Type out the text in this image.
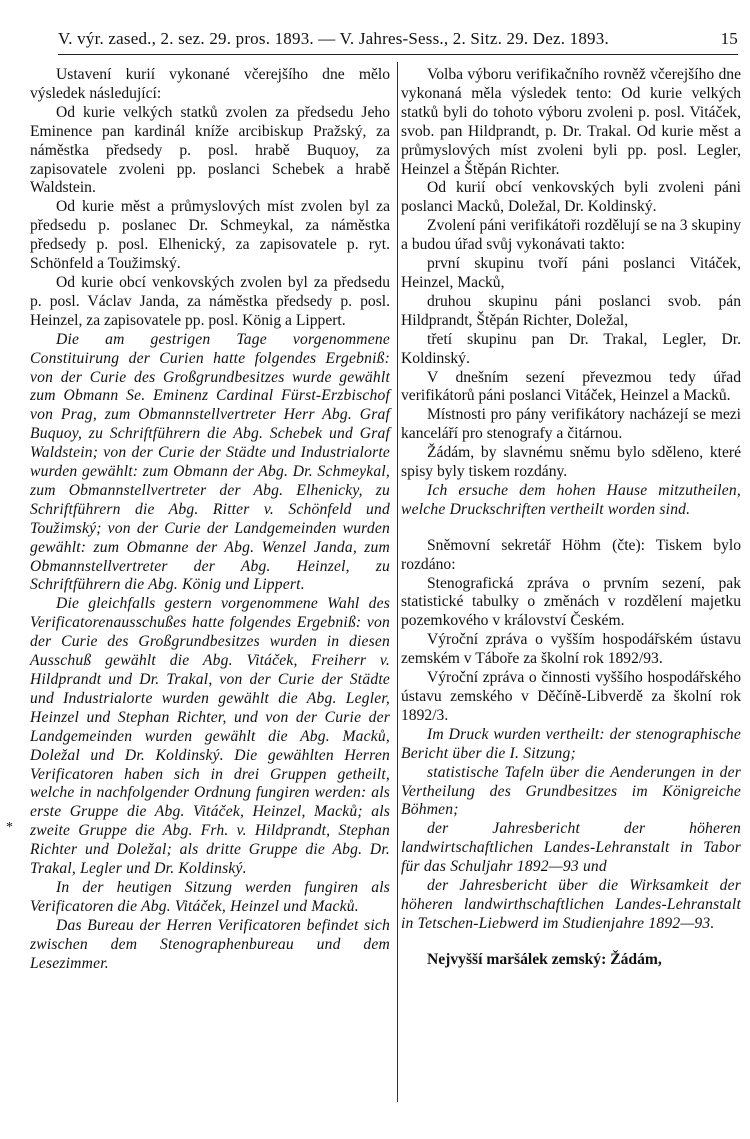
V. výr. zased., 2. sez. 29. pros. 1893. — V. Jahres-Sess., 2. Sitz. 29. Dez. 1893.	15
*

Ustavení kurií vykonané včerejšího dne mělo výsledek následující:

Od kurie velkých statků zvolen za předsedu Jeho Eminence pan kardinál kníže arcibiskup Pražský, za náměstka předsedy p. posl. hrabě Buquoy, za zapisovatele zvoleni pp. poslanci Schebek a hrabě Waldstein.

Od kurie měst a průmyslových míst zvolen byl za předsedu p. poslanec Dr. Schmeykal, za náměstka předsedy p. posl. Elhenický, za zapisovatele p. ryt. Schönfeld a Toužimský.

Od kurie obcí venkovských zvolen byl za předsedu p. posl. Václav Janda, za náměstka předsedy p. posl. Heinzel, za zapisovatele pp. posl. König a Lippert.

Die am gestrigen Tage vorgenommene Constituirung der Curien hatte folgendes Ergebniß: von der Curie des Großgrundbesitzes wurde gewählt zum Obmann Se. Eminenz Cardinal Fürst-Erzbischof von Prag, zum Obmannstellvertreter Herr Abg. Graf Buquoy, zu Schriftführern die Abg. Schebek und Graf Waldstein; von der Curie der Städte und Industrialorte wurden gewählt: zum Obmann der Abg. Dr. Schmeykal, zum Obmannstellvertreter der Abg. Elhenicky, zu Schriftführern die Abg. Ritter v. Schönfeld und Toužimský; von der Curie der Landgemeinden wurden gewählt: zum Obmanne der Abg. Wenzel Janda, zum Obmannstellvertreter der Abg. Heinzel, zu Schriftführern die Abg. König und Lippert.

Die gleichfalls gestern vorgenommene Wahl des Verificatorenausschußes hatte folgendes Ergebniß: von der Curie des Großgrundbesitzes wurden in diesen Ausschuß gewählt die Abg. Vitáček, Freiherr v. Hildprandt und Dr. Trakal, von der Curie der Städte und Industrialorte wurden gewählt die Abg. Legler, Heinzel und Stephan Richter, und von der Curie der Landgemeinden wurden gewählt die Abg. Macků, Doležal und Dr. Koldinský. Die gewählten Herren Verificatoren haben sich in drei Gruppen getheilt, welche in nachfolgender Ordnung fungiren werden: als erste Gruppe die Abg. Vitáček, Heinzel, Macků; als zweite Gruppe die Abg. Frh. v. Hildprandt, Stephan Richter und Doležal; als dritte Gruppe die Abg. Dr. Trakal, Legler und Dr. Koldinský.

In der heutigen Sitzung werden fungiren als Verificatoren die Abg. Vitáček, Heinzel und Macků.

Das Bureau der Herren Verificatoren befindet sich zwischen dem Stenographenbureau und dem Lesezimmer.

Volba výboru verifikačního rovněž včerejšího dne vykonaná měla výsledek tento: Od kurie velkých statků byli do tohoto výboru zvoleni p. posl. Vitáček, svob. pan Hildprandt, p. Dr. Trakal. Od kurie měst a průmyslových míst zvoleni byli pp. posl. Legler, Heinzel a Štěpán Richter.

Od kurií obcí venkovských byli zvoleni páni poslanci Macků, Doležal, Dr. Koldinský.

Zvolení páni verifikátoři rozdělují se na 3 skupiny a budou úřad svůj vykonávati takto:

první skupinu tvoří páni poslanci Vitáček, Heinzel, Macků,

druhou skupinu páni poslanci svob. pán Hildprandt, Štěpán Richter, Doležal,

třetí skupinu pan Dr. Trakal, Legler, Dr. Koldinský.

V dnešním sezení převezmou tedy úřad verifikátorů páni poslanci Vitáček, Heinzel a Macků.

Místnosti pro pány verifikátory nacházejí se mezi kanceláří pro stenografy a čitárnou.

Žádám, by slavnému sněmu bylo sděleno, které spisy byly tiskem rozdány.

Ich ersuche dem hohen Hause mitzutheilen, welche Druckschriften vertheilt worden sind.

Sněmovní sekretář Höhm (čte): Tiskem bylo rozdáno:

Stenografická zpráva o prvním sezení, pak statistické tabulky o změnách v rozdělení majetku pozemkového v království Českém.

Výroční zpráva o vyšším hospodářském ústavu zemském v Táboře za školní rok 1892/93.

Výroční zpráva o činnosti vyššího hospodářského ústavu zemského v Děčíně-Libverdě za školní rok 1892/3.

Im Druck wurden vertheilt: der stenographische Bericht über die I. Sitzung;

statistische Tafeln über die Aenderungen in der Vertheilung des Grundbesitzes im Königreiche Böhmen;

der Jahresbericht der höheren landwirtschaftlichen Landes-Lehranstalt in Tabor für das Schuljahr 1892—93 und

der Jahresbericht über die Wirksamkeit der höheren landwirthschaftlichen Landes-Lehranstalt in Tetschen-Liebwerd im Studienjahre 1892—93.

Nejvyšší maršálek zemský: Žádám,
